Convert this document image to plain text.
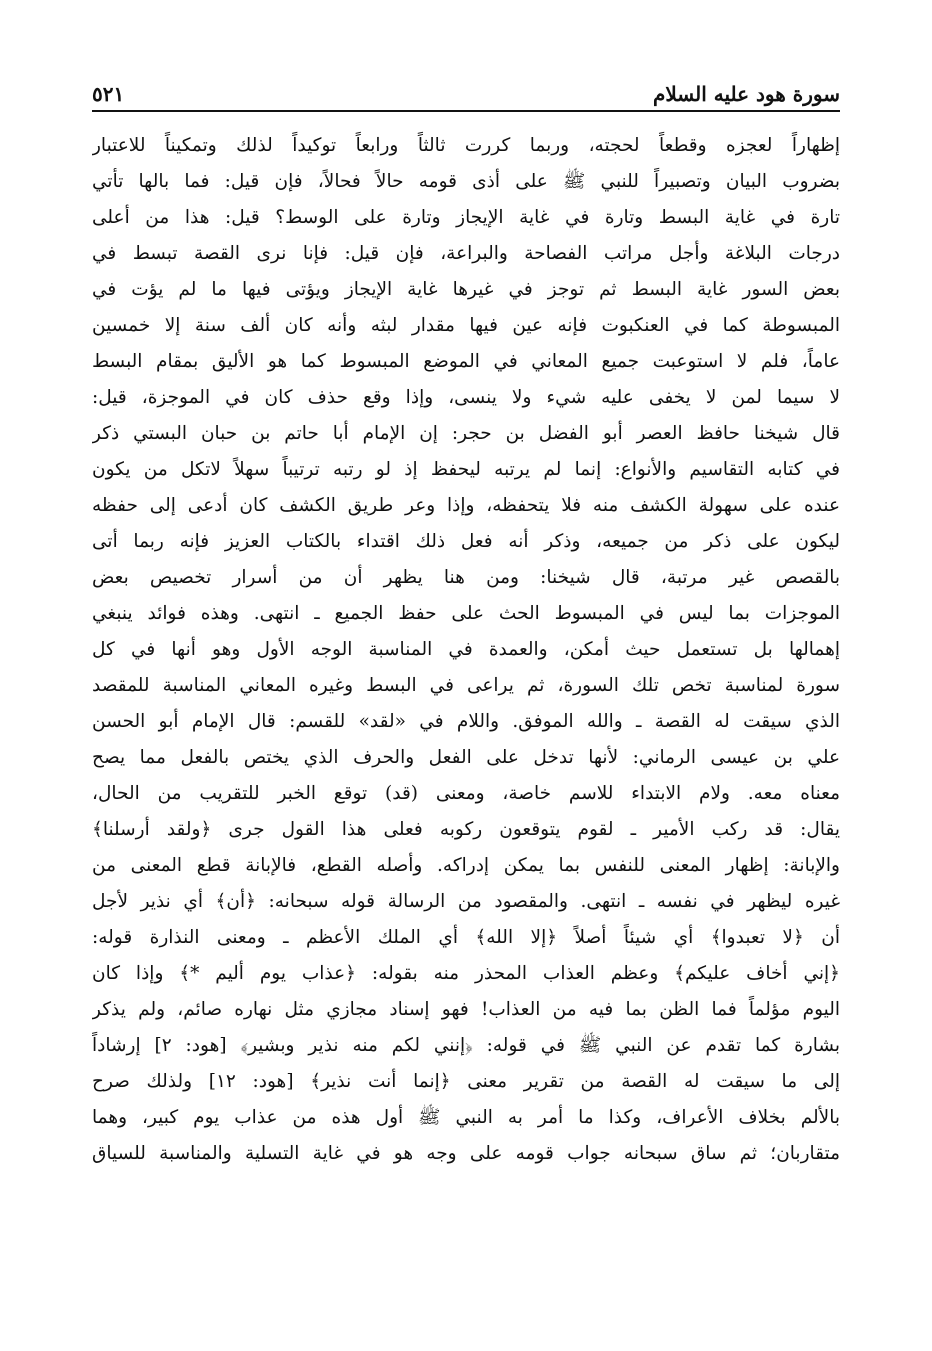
سورة هود عليه السلام
٥٢١
إظهاراً لعجزه وقطعاً لحجته، وربما كررت ثالثاً ورابعاً توكيداً لذلك وتمكيناً للاعتبار
بضروب البيان وتصبيراً للنبي ﷺ على أذى قومه حالاً فحالاً، فإن قيل: فما بالها تأتي
تارة في غاية البسط وتارة في غاية الإيجاز وتارة على الوسط؟ قيل: هذا من أعلى
درجات البلاغة وأجل مراتب الفصاحة والبراعة، فإن قيل: فإنا نرى القصة تبسط في
بعض السور غاية البسط ثم توجز في غيرها غاية الإيجاز ويؤتى فيها ما لم يؤت في
المبسوطة كما في العنكبوت فإنه عين فيها مقدار لبثه وأنه كان ألف سنة إلا خمسين
عاماً، فلم لا استوعبت جميع المعاني في الموضع المبسوط كما هو الأليق بمقام البسط
لا سيما لمن لا يخفى عليه شيء ولا ينسى، وإذا وقع حذف كان في الموجزة، قيل:
قال شيخنا حافظ العصر أبو الفضل بن حجر: إن الإمام أبا حاتم بن حبان البستي ذكر
في كتابه التقاسيم والأنواع: إنما لم يرتبه ليحفظ إذ لو رتبه ترتيباً سهلاً لاتكل من يكون
عنده على سهولة الكشف منه فلا يتحفظه، وإذا وعر طريق الكشف كان أدعى إلى حفظه
ليكون على ذكر من جميعه، وذكر أنه فعل ذلك اقتداء بالكتاب العزيز فإنه ربما أتى
بالقصص غير مرتبة، قال شيخنا: ومن هنا يظهر أن من أسرار تخصيص بعض
الموجزات بما ليس في المبسوط الحث على حفظ الجميع ـ انتهى. وهذه فوائد ينبغي
إهمالها بل تستعمل حيث أمكن، والعمدة في المناسبة الوجه الأول وهو أنها في كل
سورة لمناسبة تخص تلك السورة، ثم يراعى في البسط وغيره المعاني المناسبة للمقصد
الذي سيقت له القصة ـ والله الموفق. واللام في «لقد» للقسم: قال الإمام أبو الحسن
علي بن عيسى الرماني: لأنها تدخل على الفعل والحرف الذي يختص بالفعل مما يصح
معناه معه. ولام الابتداء للاسم خاصة، ومعنى (قد) توقع الخبر للتقريب من الحال،
يقال: قد ركب الأمير ـ لقوم يتوقعون ركوبه فعلى هذا القول جرى ﴿ولقد أرسلنا﴾
والإبانة: إظهار المعنى للنفس بما يمكن إدراكه. وأصله القطع، فالإبانة قطع المعنى من
غيره ليظهر في نفسه ـ انتهى. والمقصود من الرسالة قوله سبحانه: ﴿أن﴾ أي نذير لأجل
أن ﴿لا تعبدوا﴾ أي شيئاً أصلاً ﴿إلا الله﴾ أي الملك الأعظم ـ ومعنى النذارة قوله:
﴿إني أخاف عليكم﴾ وعظم العذاب المحذر منه بقوله: ﴿عذاب يوم أليم *﴾ وإذا كان
اليوم مؤلماً فما الظن بما فيه من العذاب! فهو إسناد مجازي مثل نهاره صائم، ولم يذكر
بشارة كما تقدم عن النبي ﷺ في قوله: ﴿إنني لكم منه نذير وبشير﴾ [هود: ٢] إرشاداً
إلى ما سيقت له القصة من تقرير معنى ﴿إنما أنت نذير﴾ [هود: ١٢] ولذلك صرح
بالألم بخلاف الأعراف، وكذا ما أمر به النبي ﷺ أول هذه من عذاب يوم كبير، وهما
متقاربان؛ ثم ساق سبحانه جواب قومه على وجه هو في غاية التسلية والمناسبة للسياق
